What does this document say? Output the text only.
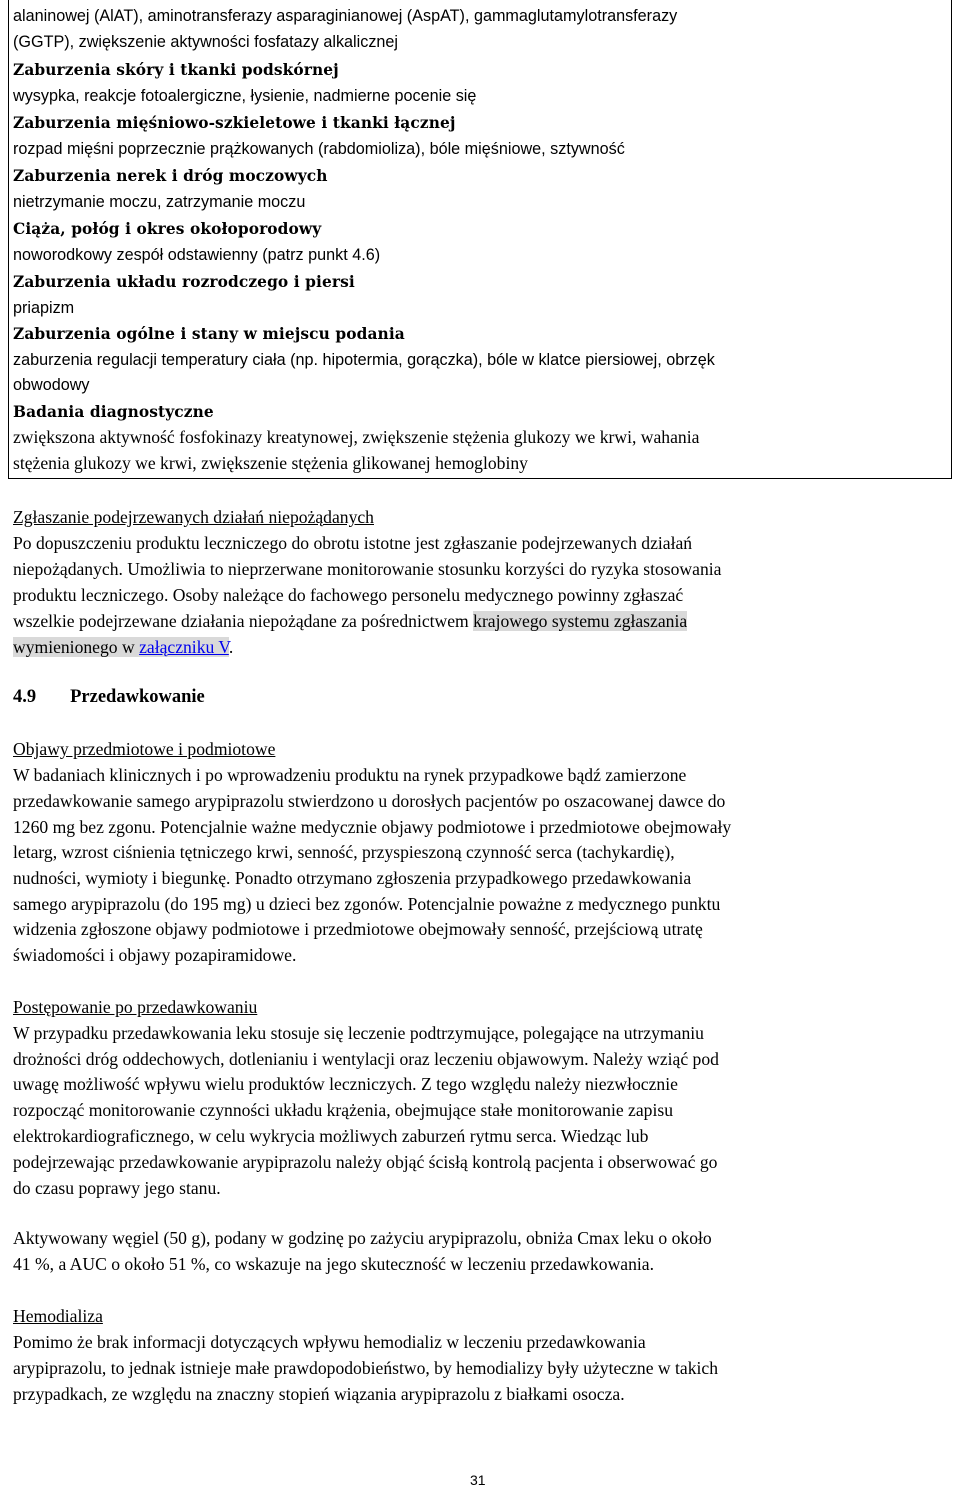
alaninowej (AlAT), aminotransferazy asparaginianowej (AspAT), gammaglutamylotransferazy
(GGTP), zwiększenie aktywności fosfatazy alkalicznej
Zaburzenia skóry i tkanki podskórnej
wysypka, reakcje fotoalergiczne, łysienie, nadmierne pocenie się
Zaburzenia mięśniowo-szkieletowe i tkanki łącznej
rozpad mięśni poprzecznie prążkowanych (rabdomioliza), bóle mięśniowe, sztywność
Zaburzenia nerek i dróg moczowych
nietrzymanie moczu, zatrzymanie moczu
Ciąża, połóg i okres okołoporodowy
noworodkowy zespół odstawienny (patrz punkt 4.6)
Zaburzenia układu rozrodczego i piersi
priapizm
Zaburzenia ogólne i stany w miejscu podania
zaburzenia regulacji temperatury ciała (np. hipotermia, gorączka), bóle w klatce piersiowej, obrzęk
obwodowy
Badania diagnostyczne
zwiększona aktywność fosfokinazy kreatynowej, zwiększenie stężenia glukozy we krwi, wahania
stężenia glukozy we krwi, zwiększenie stężenia glikowanej hemoglobiny
Zgłaszanie podejrzewanych działań niepożądanych
Po dopuszczeniu produktu leczniczego do obrotu istotne jest zgłaszanie podejrzewanych działań
niepożądanych. Umożliwia to nieprzerwane monitorowanie stosunku korzyści do ryzyka stosowania
produktu leczniczego. Osoby należące do fachowego personelu medycznego powinny zgłaszać
wszelkie podejrzewane działania niepożądane za pośrednictwem krajowego systemu zgłaszania
wymienionego w załączniku V.
4.9 Przedawkowanie
Objawy przedmiotowe i podmiotowe
W badaniach klinicznych i po wprowadzeniu produktu na rynek przypadkowe bądź zamierzone
przedawkowanie samego arypiprazolu stwierdzono u dorosłych pacjentów po oszacowanej dawce do
1260 mg bez zgonu. Potencjalnie ważne medycznie objawy podmiotowe i przedmiotowe obejmowały
letarg, wzrost ciśnienia tętniczego krwi, senność, przyspieszoną czynność serca (tachykardię),
nudności, wymioty i biegunkę. Ponadto otrzymano zgłoszenia przypadkowego przedawkowania
samego arypiprazolu (do 195 mg) u dzieci bez zgonów. Potencjalnie poważne z medycznego punktu
widzenia zgłoszone objawy podmiotowe i przedmiotowe obejmowały senność, przejściową utratę
świadomości i objawy pozapiramidowe.
Postępowanie po przedawkowaniu
W przypadku przedawkowania leku stosuje się leczenie podtrzymujące, polegające na utrzymaniu
drożności dróg oddechowych, dotlenianiu i wentylacji oraz leczeniu objawowym. Należy wziąć pod
uwagę możliwość wpływu wielu produktów leczniczych. Z tego względu należy niezwłocznie
rozpocząć monitorowanie czynności układu krążenia, obejmujące stałe monitorowanie zapisu
elektrokardiograficznego, w celu wykrycia możliwych zaburzeń rytmu serca. Wiedząc lub
podejrzewając przedawkowanie arypiprazolu należy objąć ścisłą kontrolą pacjenta i obserwować go
do czasu poprawy jego stanu.
Aktywowany węgiel (50 g), podany w godzinę po zażyciu arypiprazolu, obniża Cmax leku o około
41 %, a AUC o około 51 %, co wskazuje na jego skuteczność w leczeniu przedawkowania.
Hemodializa
Pomimo że brak informacji dotyczących wpływu hemodializ w leczeniu przedawkowania
arypiprazolu, to jednak istnieje małe prawdopodobieństwo, by hemodializy były użyteczne w takich
przypadkach, ze względu na znaczny stopień wiązania arypiprazolu z białkami osocza.
31
